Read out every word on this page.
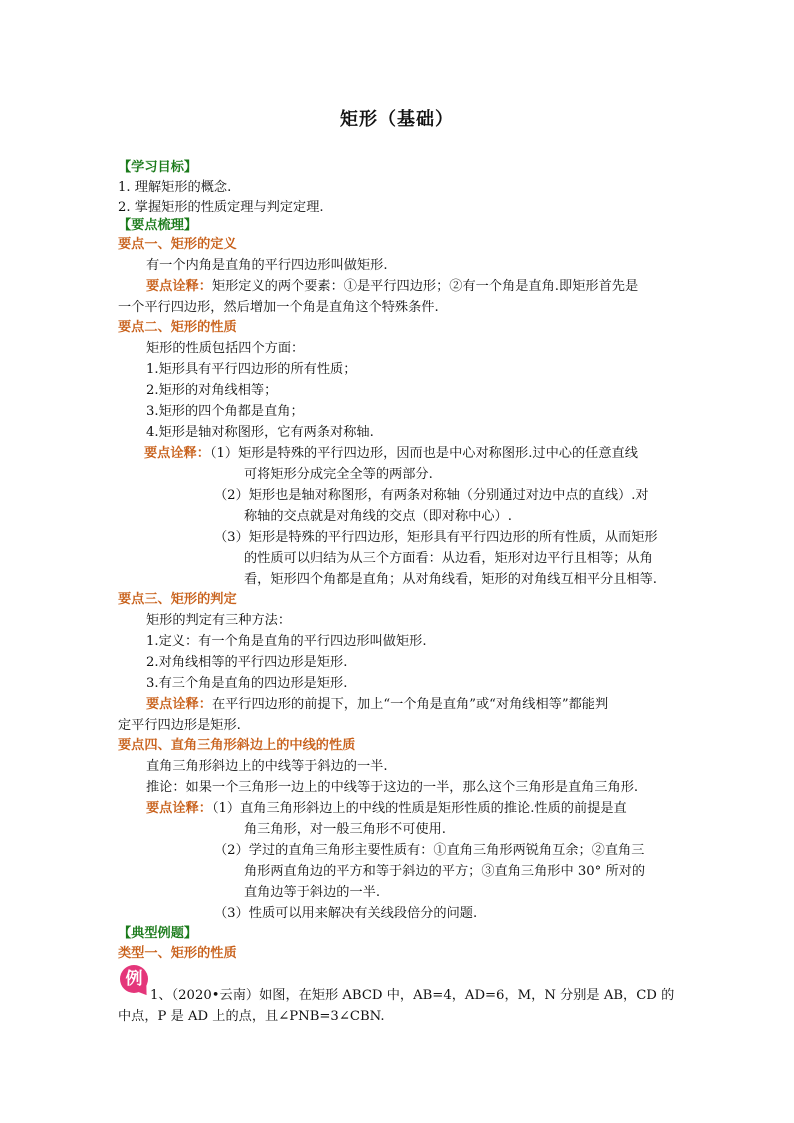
矩形（基础）
【学习目标】
1. 理解矩形的概念.
2. 掌握矩形的性质定理与判定定理.
【要点梳理】
要点一、矩形的定义
有一个内角是直角的平行四边形叫做矩形.
要点诠释：矩形定义的两个要素：①是平行四边形；②有一个角是直角.即矩形首先是
一个平行四边形，然后增加一个角是直角这个特殊条件.
要点二、矩形的性质
矩形的性质包括四个方面：
1.矩形具有平行四边形的所有性质；
2.矩形的对角线相等；
3.矩形的四个角都是直角；
4.矩形是轴对称图形，它有两条对称轴.
要点诠释：（1）矩形是特殊的平行四边形，因而也是中心对称图形.过中心的任意直线
可将矩形分成完全全等的两部分.
（2）矩形也是轴对称图形，有两条对称轴（分别通过对边中点的直线）.对
称轴的交点就是对角线的交点（即对称中心）.
（3）矩形是特殊的平行四边形，矩形具有平行四边形的所有性质，从而矩形
的性质可以归结为从三个方面看：从边看，矩形对边平行且相等；从角
看，矩形四个角都是直角；从对角线看，矩形的对角线互相平分且相等.
要点三、矩形的判定
矩形的判定有三种方法：
1.定义：有一个角是直角的平行四边形叫做矩形.
2.对角线相等的平行四边形是矩形.
3.有三个角是直角的四边形是矩形.
要点诠释：在平行四边形的前提下，加上“一个角是直角”或“对角线相等”都能判
定平行四边形是矩形.
要点四、直角三角形斜边上的中线的性质
直角三角形斜边上的中线等于斜边的一半.
推论：如果一个三角形一边上的中线等于这边的一半，那么这个三角形是直角三角形.
要点诠释：（1）直角三角形斜边上的中线的性质是矩形性质的推论.性质的前提是直
角三角形，对一般三角形不可使用.
（2）学过的直角三角形主要性质有：①直角三角形两锐角互余；②直角三
角形两直角边的平方和等于斜边的平方；③直角三角形中 30° 所对的
直角边等于斜边的一半.
（3）性质可以用来解决有关线段倍分的问题.
【典型例题】
类型一、矩形的性质
例
1、（2020•云南）如图，在矩形 ABCD 中，AB=4，AD=6，M，N 分别是 AB，CD 的
中点，P 是 AD 上的点，且∠PNB=3∠CBN.
